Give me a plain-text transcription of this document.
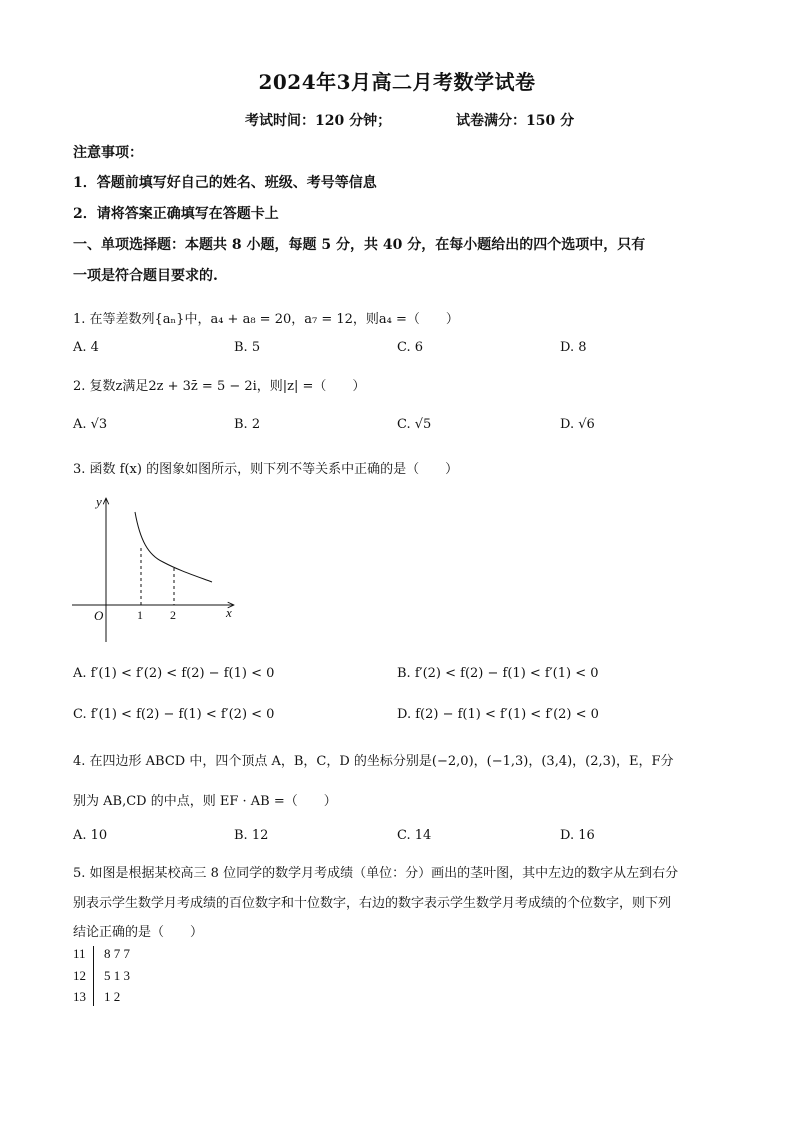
2024年3月高二月考数学试卷
考试时间：120 分钟；	试卷满分：150 分
注意事项：
1．答题前填写好自己的姓名、班级、考号等信息
2．请将答案正确填写在答题卡上
一、单项选择题：本题共 8 小题，每题 5 分，共 40 分，在每小题给出的四个选项中，只有
一项是符合题目要求的.
1. 在等差数列{aₙ}中，a₄ + a₈ = 20，a₇ = 12，则a₄ =（　　）
A. 4	B. 5	C. 6	D. 8
2. 复数z满足2z + 3z̄ = 5 − 2i，则|z| =（　　）
A. √3	B. 2	C. √5	D. √6
3. 函数 f(x) 的图象如图所示，则下列不等关系中正确的是（　　）
y
x
O	1 2
A. f′(1) < f′(2) < f(2) − f(1) < 0	B. f′(2) < f(2) − f(1) < f′(1) < 0
C. f′(1) < f(2) − f(1) < f′(2) < 0	D. f(2) − f(1) < f′(1) < f′(2) < 0
4. 在四边形 ABCD 中，四个顶点 A，B，C，D 的坐标分别是(−2,0)，(−1,3)，(3,4)，(2,3)，E，F分
别为 AB,CD 的中点，则 EF · AB =（　　）
A. 10	B. 12	C. 14	D. 16
5. 如图是根据某校高三 8 位同学的数学月考成绩（单位：分）画出的茎叶图，其中左边的数字从左到右分
别表示学生数学月考成绩的百位数字和十位数字，右边的数字表示学生数学月考成绩的个位数字，则下列
结论正确的是（　　）
11 8 7 7
12 5 1 3
13 1 2
